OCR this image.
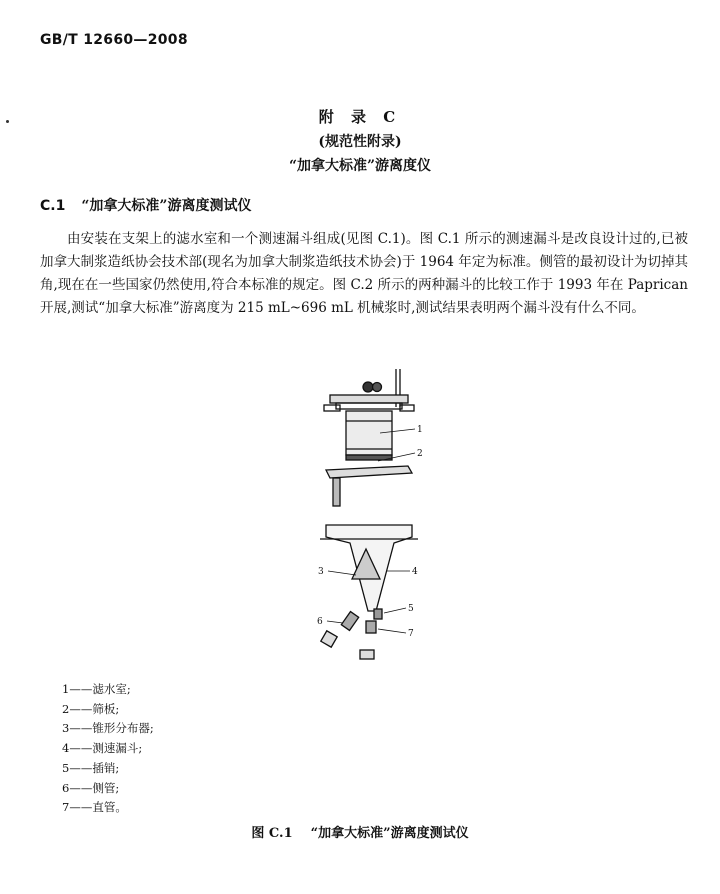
GB/T 12660—2008
附 录 C
(规范性附录)
“加拿大标准”游离度仪
C.1 “加拿大标准”游离度测试仪

由安装在支架上的滤水室和一个测速漏斗组成(见图 C.1)。图 C.1 所示的测速漏斗是改良设计过的,已被加拿大制浆造纸协会技术部(现名为加拿大制浆造纸技术协会)于 1964 年定为标准。侧管的最初设计为切掉其角,现在在一些国家仍然使用,符合本标准的规定。图 C.2 所示的两种漏斗的比较工作于 1993 年在 Paprican 开展,测试“加拿大标准”游离度为 215 mL~696 mL 机械浆时,测试结果表明两个漏斗没有什么不同。

1
2
3	4
5
6
7
1——滤水室;
2——筛板;
3——锥形分布器;
4——测速漏斗;
5——插销;
6——侧管;
7——直管。
图 C.1 “加拿大标准”游离度测试仪
